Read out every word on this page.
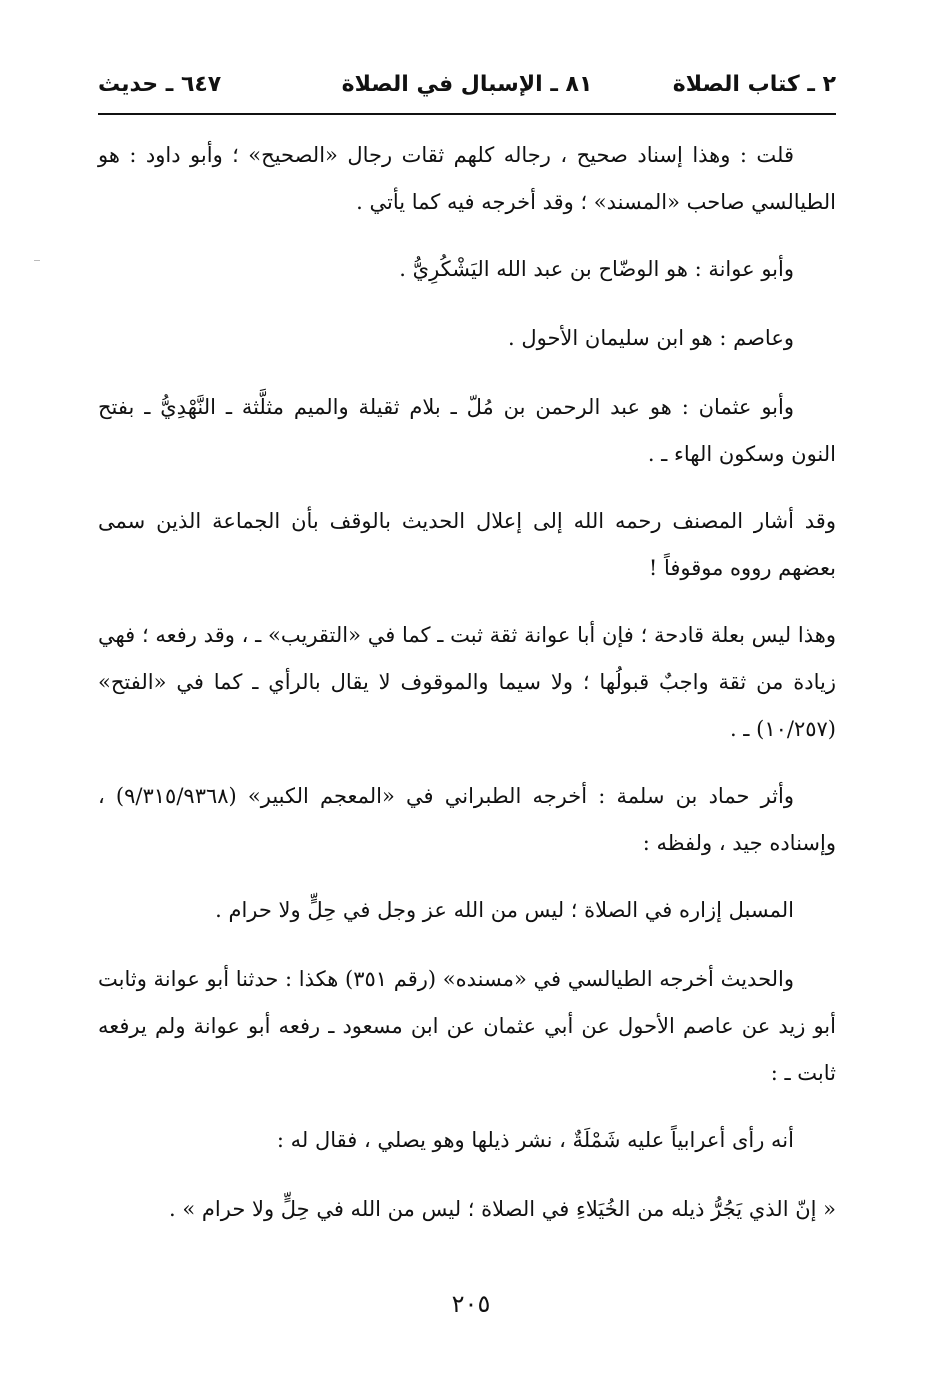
٢ ـ كتاب الصلاة
٨١ ـ الإسبال في الصلاة
٦٤٧ ـ حديث

قلت : وهذا إسناد صحيح ، رجاله كلهم ثقات رجال «الصحيح» ؛ وأبو داود : هو الطيالسي صاحب «المسند» ؛ وقد أخرجه فيه كما يأتي .

وأبو عوانة : هو الوضّاح بن عبد الله اليَشْكُرِيُّ .

وعاصم : هو ابن سليمان الأحول .

وأبو عثمان : هو عبد الرحمن بن مُلّ ـ بلام ثقيلة والميم مثلَّثة ـ النَّهْدِيُّ ـ بفتح النون وسكون الهاء ـ .

وقد أشار المصنف رحمه الله إلى إعلال الحديث بالوقف بأن الجماعة الذين سمى بعضهم رووه موقوفاً !

وهذا ليس بعلة قادحة ؛ فإن أبا عوانة ثقة ثبت ـ كما في «التقريب» ـ ، وقد رفعه ؛ فهي زيادة من ثقة واجبٌ قبولُها ؛ ولا سيما والموقوف لا يقال بالرأي ـ كما في «الفتح» (١٠/٢٥٧) ـ .

وأثر حماد بن سلمة : أخرجه الطبراني في «المعجم الكبير» (٩/٣١٥/٩٣٦٨) ، وإسناده جيد ، ولفظه :

المسبل إزاره في الصلاة ؛ ليس من الله عز وجل في حِلٍّ ولا حرام .

والحديث أخرجه الطيالسي في «مسنده» (رقم ٣٥١) هكذا : حدثنا أبو عوانة وثابت أبو زيد عن عاصم الأحول عن أبي عثمان عن ابن مسعود ـ رفعه أبو عوانة ولم يرفعه ثابت ـ :

أنه رأى أعرابياً عليه شَمْلَةٌ ، نشر ذيلها وهو يصلي ، فقال له :

« إنّ الذي يَجُرُّ ذيله من الخُيَلاءِ في الصلاة ؛ ليس من الله في حِلٍّ ولا حرام » .

٢٠٥
